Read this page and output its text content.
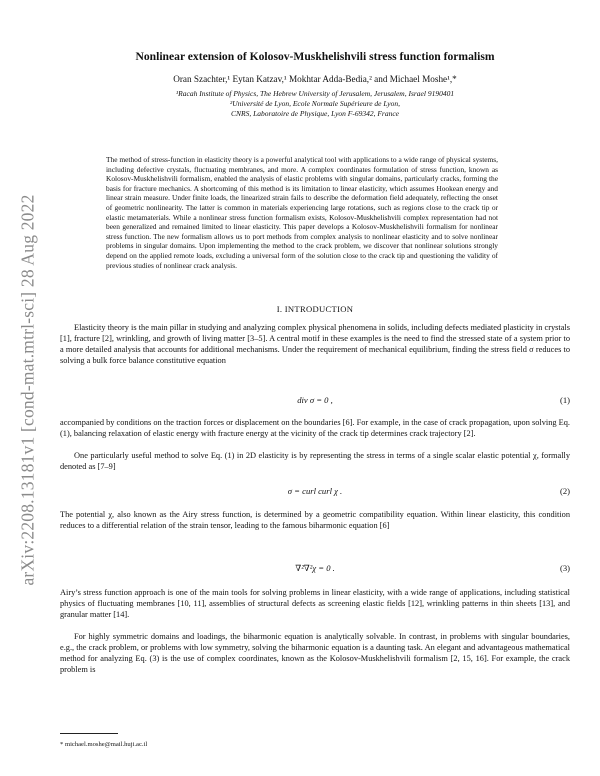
arXiv:2208.13181v1 [cond-mat.mtrl-sci] 28 Aug 2022
Nonlinear extension of Kolosov-Muskhelishvili stress function formalism
Oran Szachter,¹ Eytan Katzav,¹ Mokhtar Adda-Bedia,² and Michael Moshe¹,*
¹Racah Institute of Physics, The Hebrew University of Jerusalem, Jerusalem, Israel 9190401
²Université de Lyon, Ecole Normale Supérieure de Lyon,
CNRS, Laboratoire de Physique, Lyon F-69342, France
The method of stress-function in elasticity theory is a powerful analytical tool with applications to a wide range of physical systems, including defective crystals, fluctuating membranes, and more. A complex coordinates formulation of stress function, known as Kolosov-Muskhelishvili formalism, enabled the analysis of elastic problems with singular domains, particularly cracks, forming the basis for fracture mechanics. A shortcoming of this method is its limitation to linear elasticity, which assumes Hookean energy and linear strain measure. Under finite loads, the linearized strain fails to describe the deformation field adequately, reflecting the onset of geometric nonlinearity. The latter is common in materials experiencing large rotations, such as regions close to the crack tip or elastic metamaterials. While a nonlinear stress function formalism exists, Kolosov-Muskhelishvili complex representation had not been generalized and remained limited to linear elasticity. This paper develops a Kolosov-Muskhelishvili formalism for nonlinear stress function. The new formalism allows us to port methods from complex analysis to nonlinear elasticity and to solve nonlinear problems in singular domains. Upon implementing the method to the crack problem, we discover that nonlinear solutions strongly depend on the applied remote loads, excluding a universal form of the solution close to the crack tip and questioning the validity of previous studies of nonlinear crack analysis.
I. INTRODUCTION
Elasticity theory is the main pillar in studying and analyzing complex physical phenomena in solids, including defects mediated plasticity in crystals [1], fracture [2], wrinkling, and growth of living matter [3–5]. A central motif in these examples is the need to find the stressed state of a system prior to a more detailed analysis that accounts for additional mechanisms. Under the requirement of mechanical equilibrium, finding the stress field σ reduces to solving a bulk force balance constitutive equation
div σ = 0 ,	(1)
accompanied by conditions on the traction forces or displacement on the boundaries [6]. For example, in the case of crack propagation, upon solving Eq. (1), balancing relaxation of elastic energy with fracture energy at the vicinity of the crack tip determines crack trajectory [2].
One particularly useful method to solve Eq. (1) in 2D elasticity is by representing the stress in terms of a single scalar elastic potential χ, formally denoted as [7–9]
σ = curl curl χ .	(2)
The potential χ, also known as the Airy stress function, is determined by a geometric compatibility equation. Within linear elasticity, this condition reduces to a differential relation of the strain tensor, leading to the famous biharmonic equation [6]
∇²∇²χ = 0 .	(3)
Airy’s stress function approach is one of the main tools for solving problems in linear elasticity, with a wide range of applications, including statistical physics of fluctuating membranes [10, 11], assemblies of structural defects as screening elastic fields [12], wrinkling patterns in thin sheets [13], and granular matter [14].
For highly symmetric domains and loadings, the biharmonic equation is analytically solvable. In contrast, in problems with singular boundaries, e.g., the crack problem, or problems with low symmetry, solving the biharmonic equation is a daunting task. An elegant and advantageous mathematical method for analyzing Eq. (3) is the use of complex coordinates, known as the Kolosov-Muskhelishvili formalism [2, 15, 16]. For example, the crack problem is
* michael.moshe@mail.huji.ac.il
